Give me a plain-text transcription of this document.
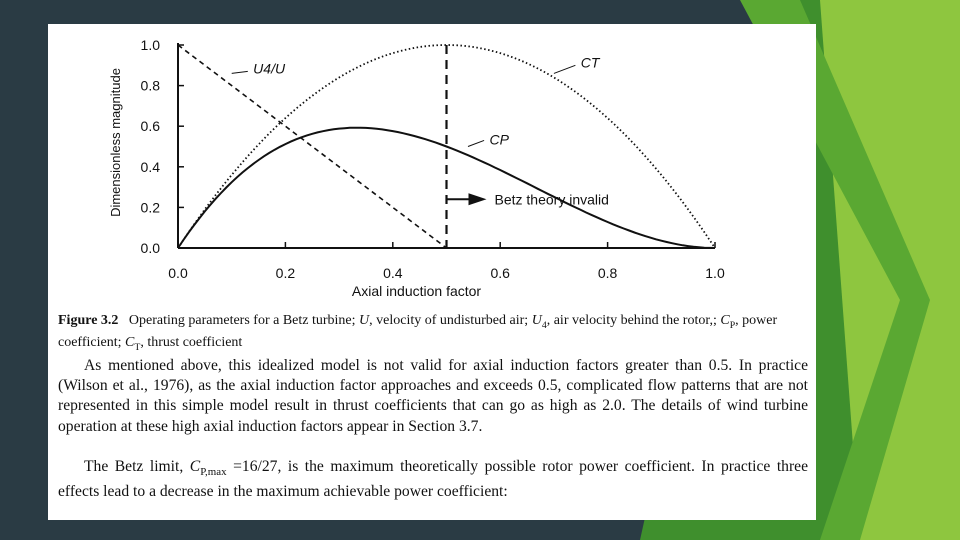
0.0	0.2	0.4	0.6	0.8	1.0
0.0
0.2
0.4
0.6
0.8
1.0
Axial induction factor
Dimensionless magnitude	Betz theory invalid
U4/U	CT
CP
Figure 3.2 Operating parameters for a Betz turbine; U, velocity of undisturbed air; $U_4$, air velocity behind the rotor,; $C_P$, power coefficient; $C_T$, thrust coefficient

As mentioned above, this idealized model is not valid for axial induction factors greater than 0.5. In practice (Wilson et al., 1976), as the axial induction factor approaches and exceeds 0.5, complicated flow patterns that are not represented in this simple model result in thrust coefficients that can go as high as 2.0. The details of wind turbine operation at these high axial induction factors appear in Section 3.7.

The Betz limit, $C_{P,max} =16/27$, is the maximum theoretically possible rotor power coefficient. In practice three effects lead to a decrease in the maximum achievable power coefficient:
